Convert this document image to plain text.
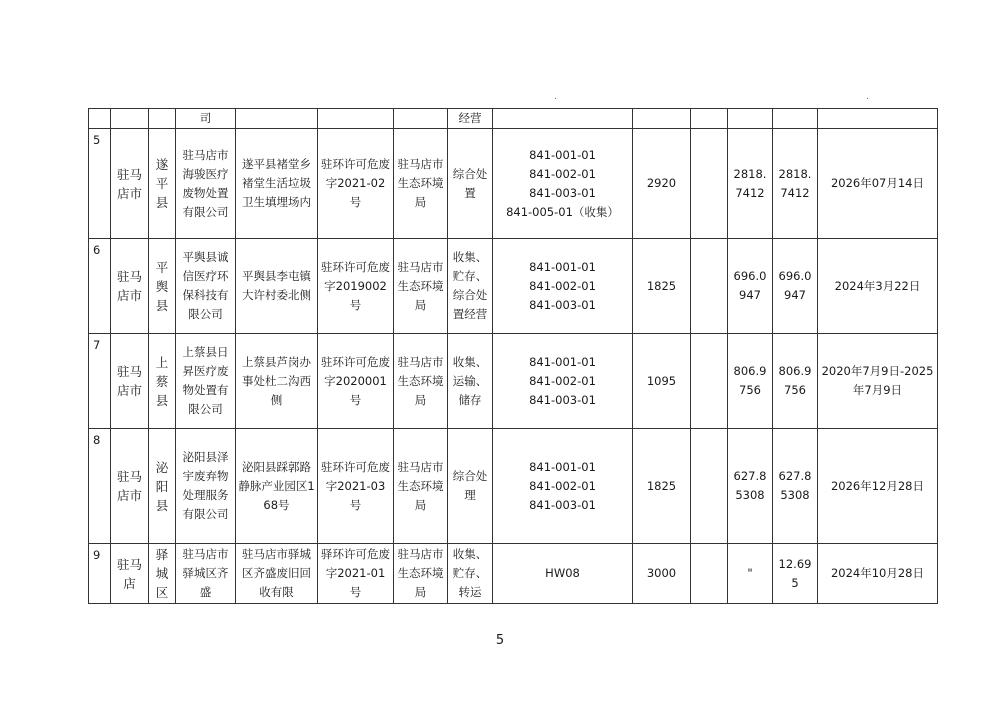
			司				经营						
5	驻马店市	遂平县	驻马店市海骏医疗废物处置有限公司	遂平县褚堂乡褚堂生活垃圾卫生填埋场内	驻环许可危废字2021-02号	驻马店市生态环境局	综合处置	841-001-01
841-002-01
841-003-01
841-005-01（收集）	2920		2818.7412	2818.7412	2026年07月14日
6	驻马店市	平舆县	平舆县诚信医疗环保科技有限公司	平舆县李屯镇大许村委北侧	驻环许可危废字2019002号	驻马店市生态环境局	收集、贮存、综合处置经营	841-001-01
841-002-01
841-003-01	1825		696.0947	696.0947	2024年3月22日
7	驻马店市	上蔡县	上蔡县日昇医疗废物处置有限公司	上蔡县芦岗办事处杜二沟西侧	驻环许可危废字2020001号	驻马店市生态环境局	收集、运输、储存	841-001-01
841-002-01
841-003-01	1095		806.9756	806.9756	2020年7月9日-2025年7月9日
8	驻马店市	泌阳县	泌阳县泽宇废弃物处理服务有限公司	泌阳县踩郭路静脉产业园区168号	驻环许可危废字2021-03号	驻马店市生态环境局	综合处理	841-001-01
841-002-01
841-003-01	1825		627.85308	627.85308	2026年12月28日
9	驻马店	驿城区	驻马店市驿城区齐盛	驻马店市驿城区齐盛废旧回收有限	驿环许可危废字2021-01号	驻马店市生态环境局	收集、贮存、转运	HW08	3000		"	12.695	2024年10月28日
.	.
5
